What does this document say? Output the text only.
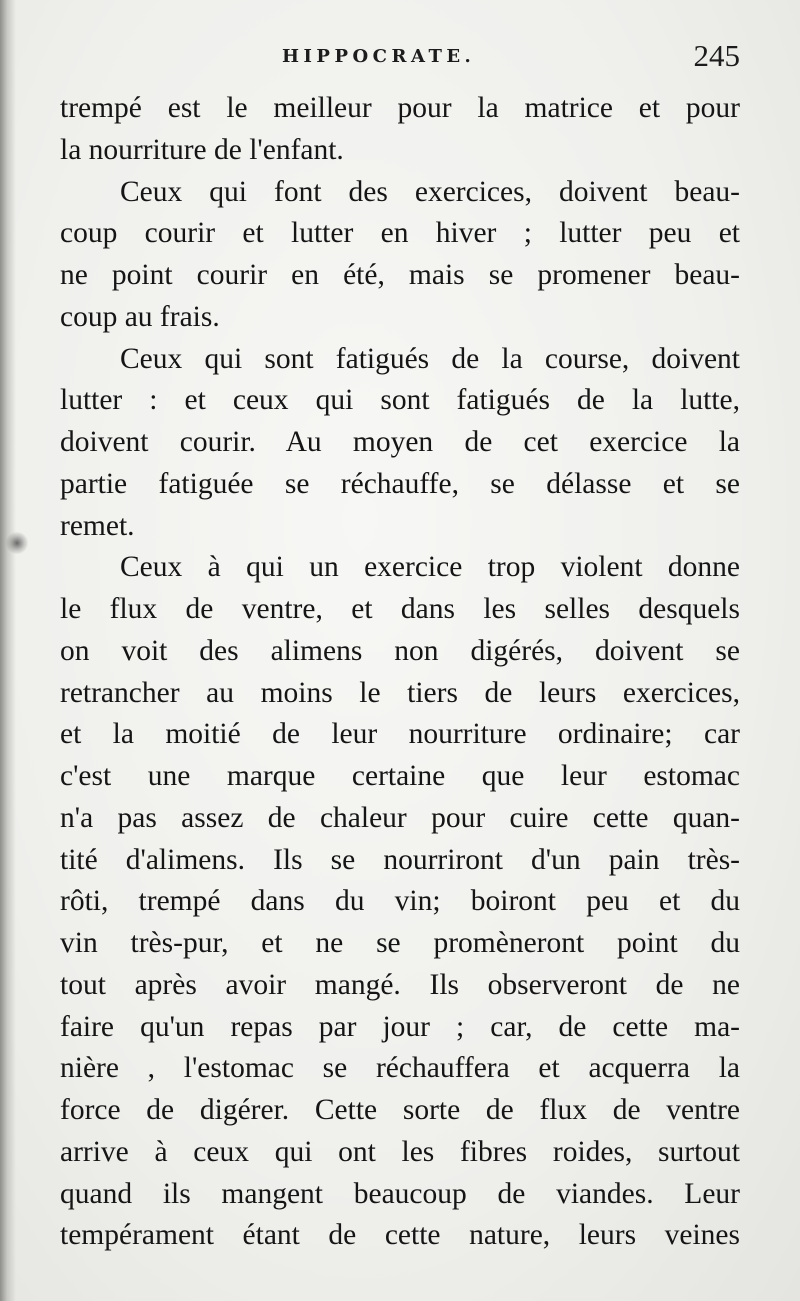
HIPPOCRATE.	245
trempé est le meilleur pour la matrice et pour
la nourriture de l'enfant.
Ceux qui font des exercices, doivent beau-
coup courir et lutter en hiver ; lutter peu et
ne point courir en été, mais se promener beau-
coup au frais.
Ceux qui sont fatigués de la course, doivent
lutter : et ceux qui sont fatigués de la lutte,
doivent courir. Au moyen de cet exercice la
partie fatiguée se réchauffe, se délasse et se
remet.
Ceux à qui un exercice trop violent donne
le flux de ventre, et dans les selles desquels
on voit des alimens non digérés, doivent se
retrancher au moins le tiers de leurs exercices,
et la moitié de leur nourriture ordinaire; car
c'est une marque certaine que leur estomac
n'a pas assez de chaleur pour cuire cette quan-
tité d'alimens. Ils se nourriront d'un pain très-
rôti, trempé dans du vin; boiront peu et du
vin très-pur, et ne se promèneront point du
tout après avoir mangé. Ils observeront de ne
faire qu'un repas par jour ; car, de cette ma-
nière , l'estomac se réchauffera et acquerra la
force de digérer. Cette sorte de flux de ventre
arrive à ceux qui ont les fibres roides, surtout
quand ils mangent beaucoup de viandes. Leur
tempérament étant de cette nature, leurs veines
